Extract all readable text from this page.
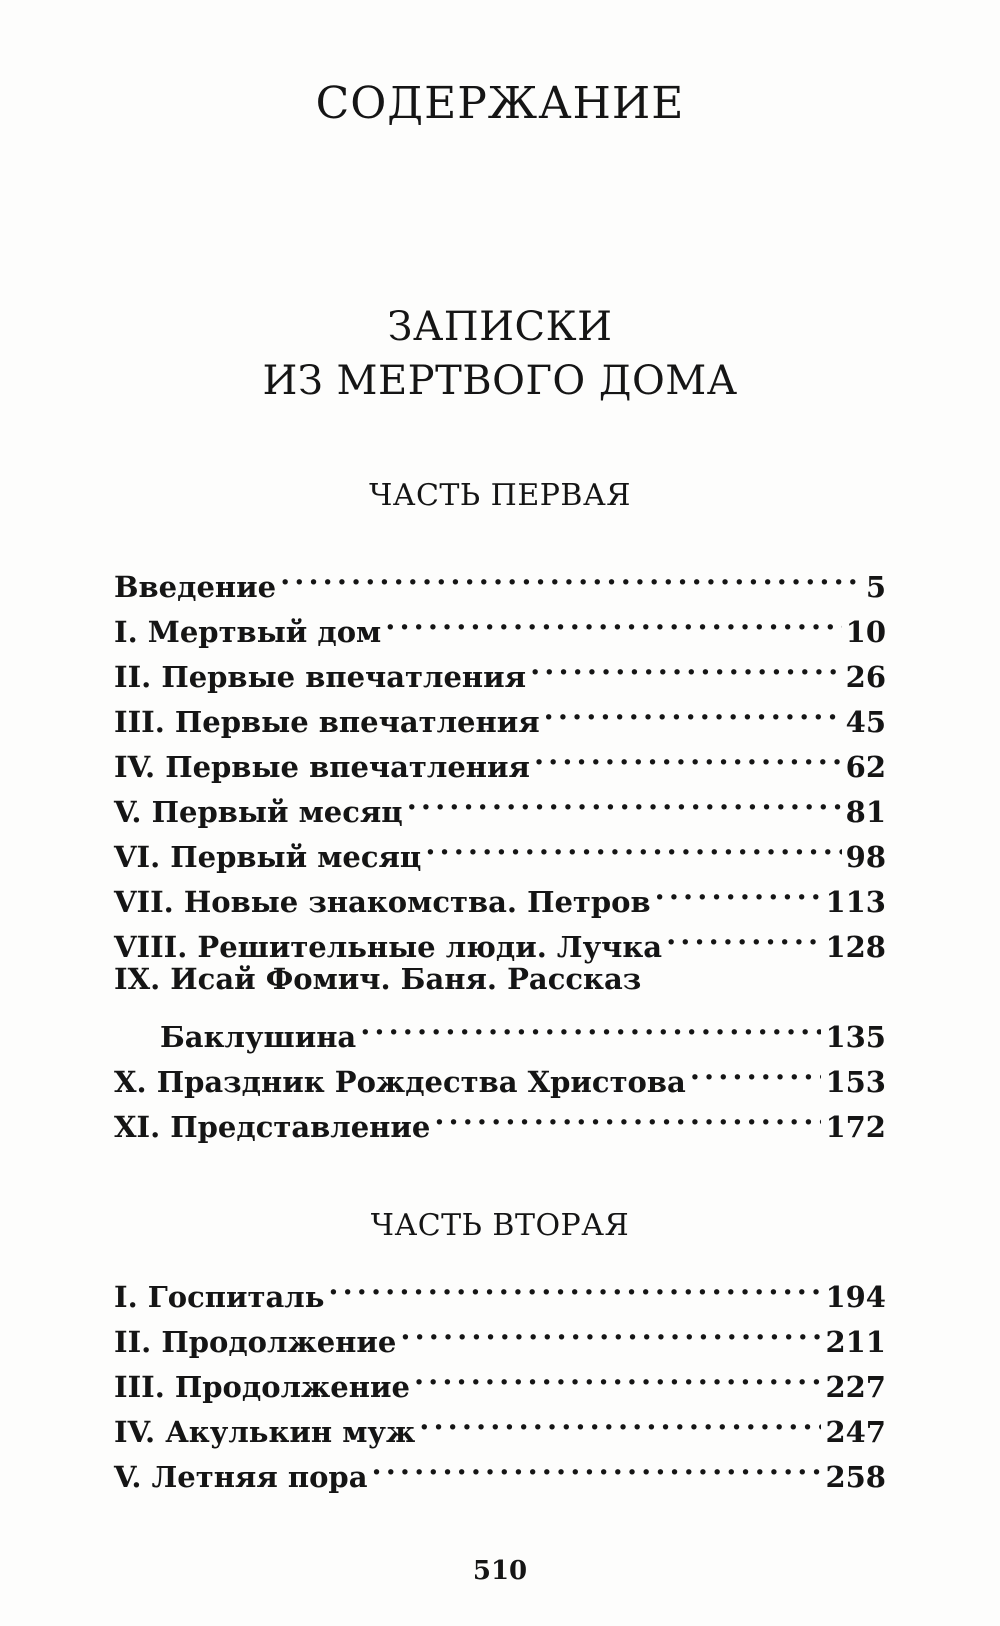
СОДЕРЖАНИЕ
ЗАПИСКИ
ИЗ МЕРТВОГО ДОМА
ЧАСТЬ ПЕРВАЯ
Введение . . .	5
I. Мертвый дом . . .	10
II. Первые впечатления . . .	26
III. Первые впечатления . . .	45
IV. Первые впечатления . . .	62
V. Первый месяц . . .	81
VI. Первый месяц . . .	98
VII. Новые знакомства. Петров . . .	113
VIII. Решительные люди. Лучка . . .	128
IX. Исай Фомич. Баня. Рассказ
Баклушина . . .	135
X. Праздник Рождества Христова . . .	153
XI. Представление . . .	172
ЧАСТЬ ВТОРАЯ
I. Госпиталь . . .	194
II. Продолжение . . .	211
III. Продолжение . . .	227
IV. Акулькин муж . . .	247
V. Летняя пора . . .	258

510
